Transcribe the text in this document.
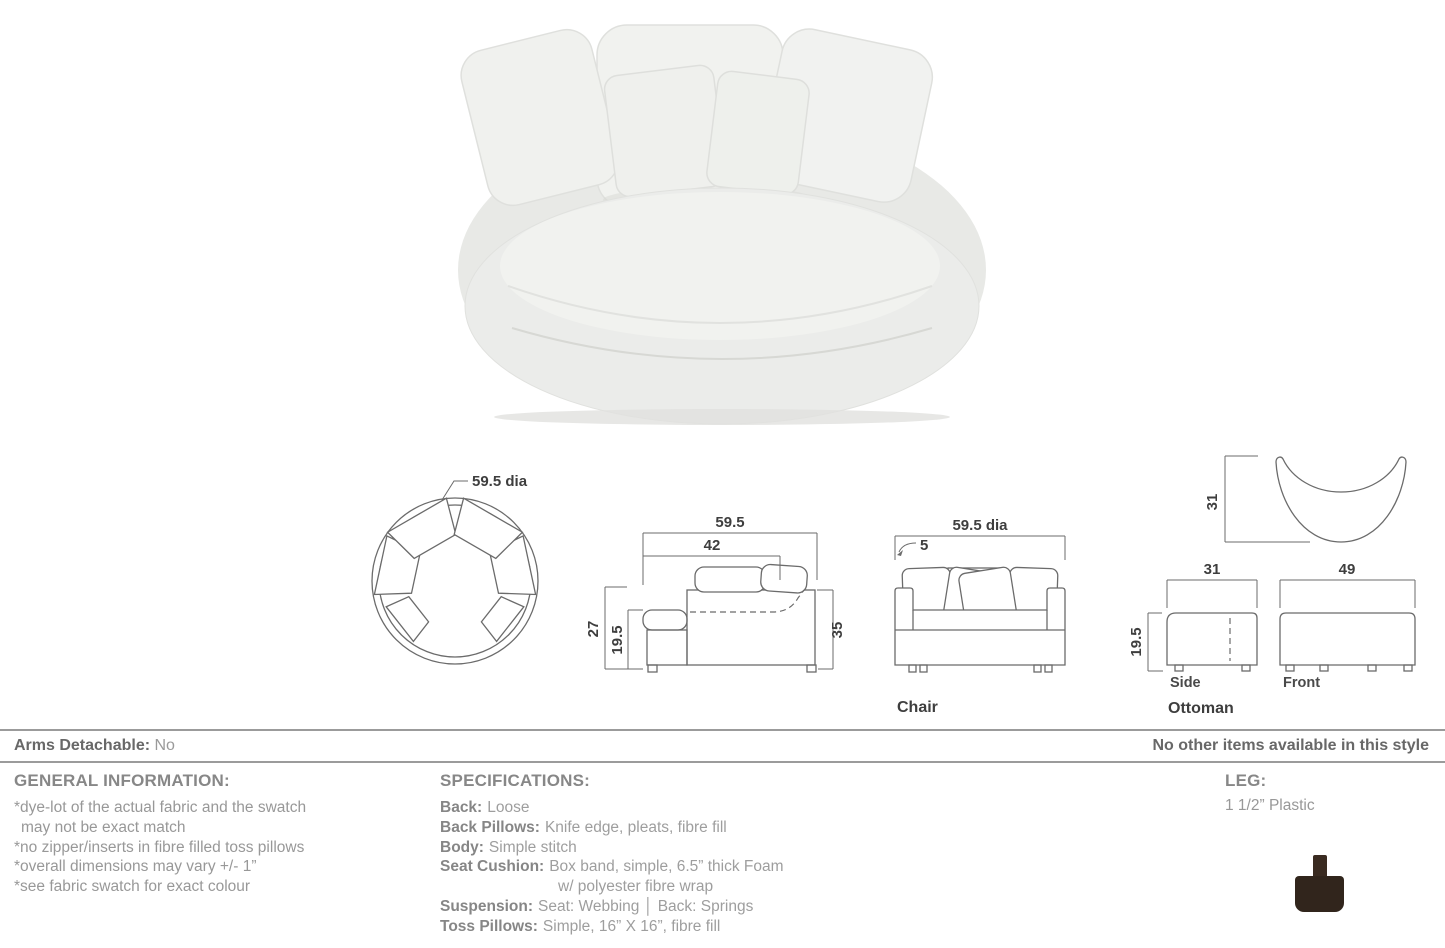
59.5 dia
59.5
42
27 19.5	35
59.5 dia
5
Chair
31
31
19.5
Side
49
Front
Ottoman
Arms Detachable: No	No other items available in this style
GENERAL INFORMATION:
*dye-lot of the actual fabric and the swatch
may not be exact match
*no zipper/inserts in fibre filled toss pillows
*overall dimensions may vary +/- 1”
*see fabric swatch for exact colour
SPECIFICATIONS:
Back: Loose
Back Pillows: Knife edge, pleats, fibre fill
Body: Simple stitch
Seat Cushion: Box band, simple, 6.5” thick Foam
w/ polyester fibre wrap
Suspension: Seat: Webbing │ Back: Springs
Toss Pillows: Simple, 16” X 16”, fibre fill
LEG:
1 1/2” Plastic
